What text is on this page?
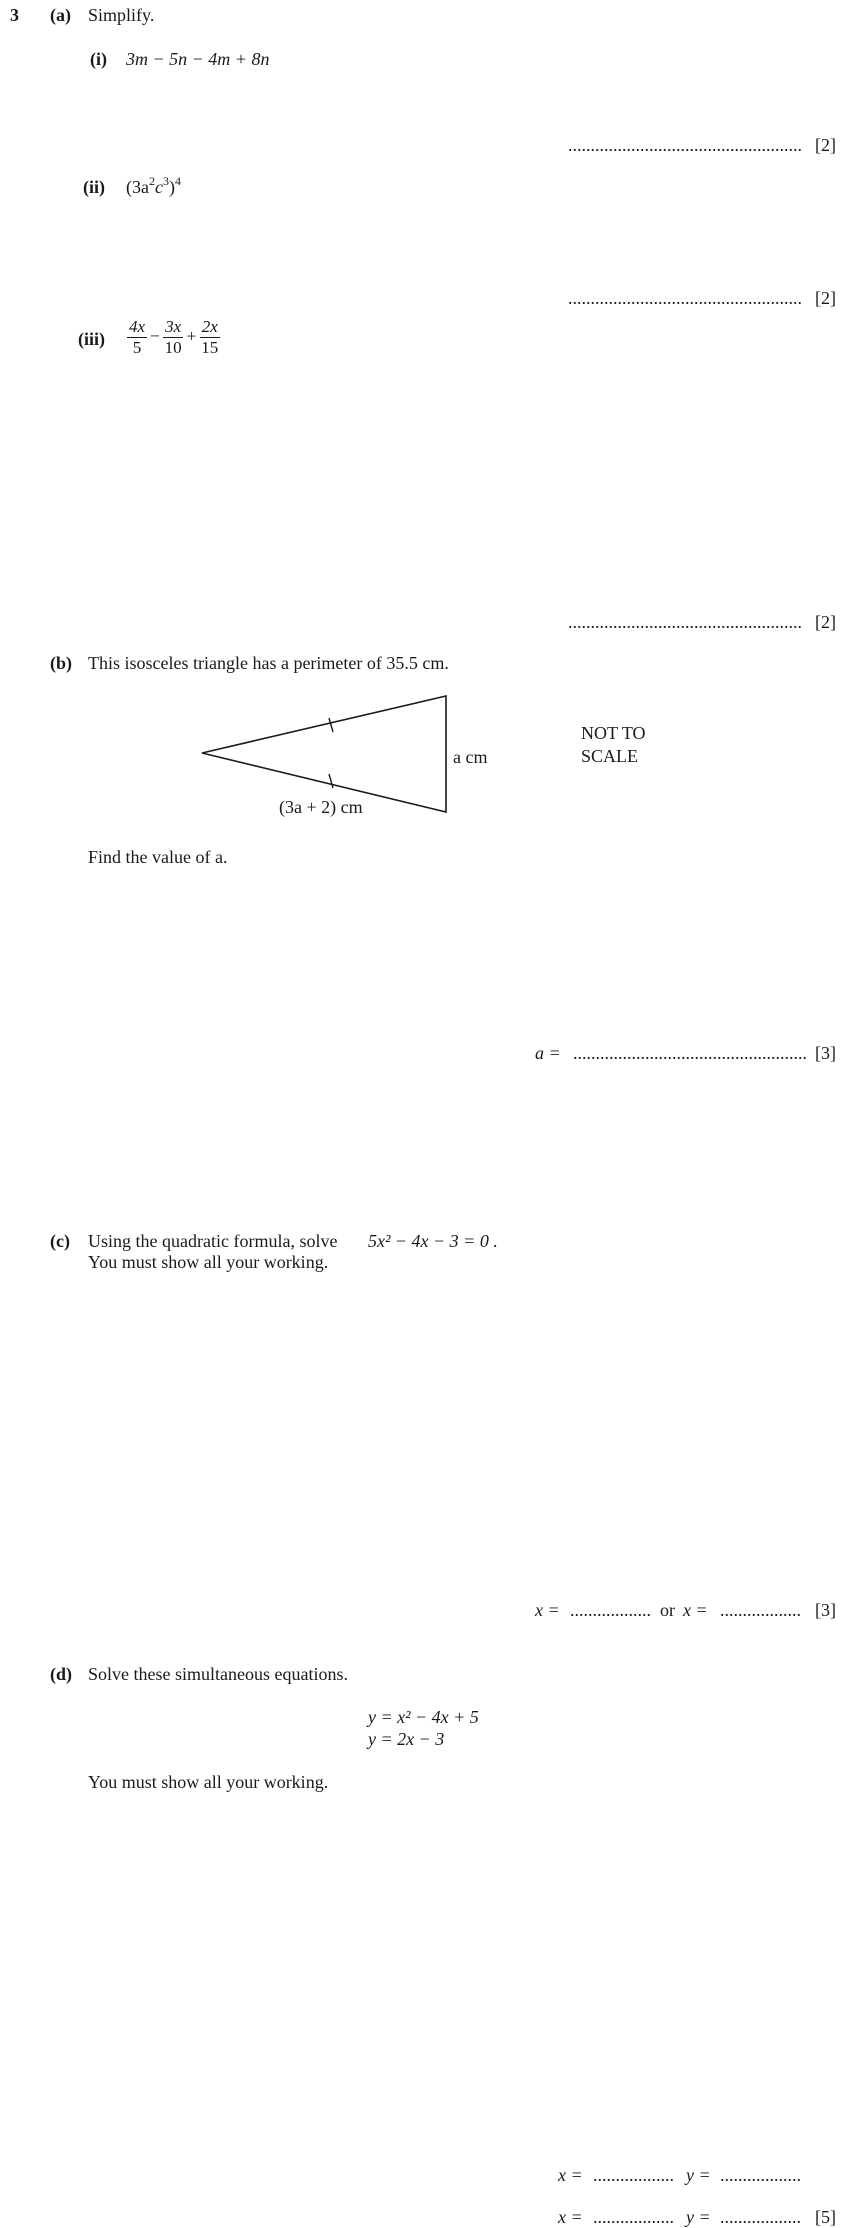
3 (a) Simplify.
(i) 3m − 5n − 4m + 8n
.................................................... [2]
(ii) $(3a^2c^3)^4$
.................................................... [2]
$(iii) \frac{4x}{5} - \frac{3x}{10} + \frac{2x}{15}$
.................................................... [2]
(b) This isosceles triangle has a perimeter of 35.5 cm.
a cm
(3a + 2) cm
NOT TO
SCALE
Find the value of a.
a = .................................................... [3]
(c) Using the quadratic formula, solve 5x² − 4x − 3 = 0 .
You must show all your working.
x = .................. or x = .................. [3]
(d) Solve these simultaneous equations.
y = x² − 4x + 5
y = 2x − 3
You must show all your working.
x = .................. y = ..................
x = .................. y = .................. [5]
